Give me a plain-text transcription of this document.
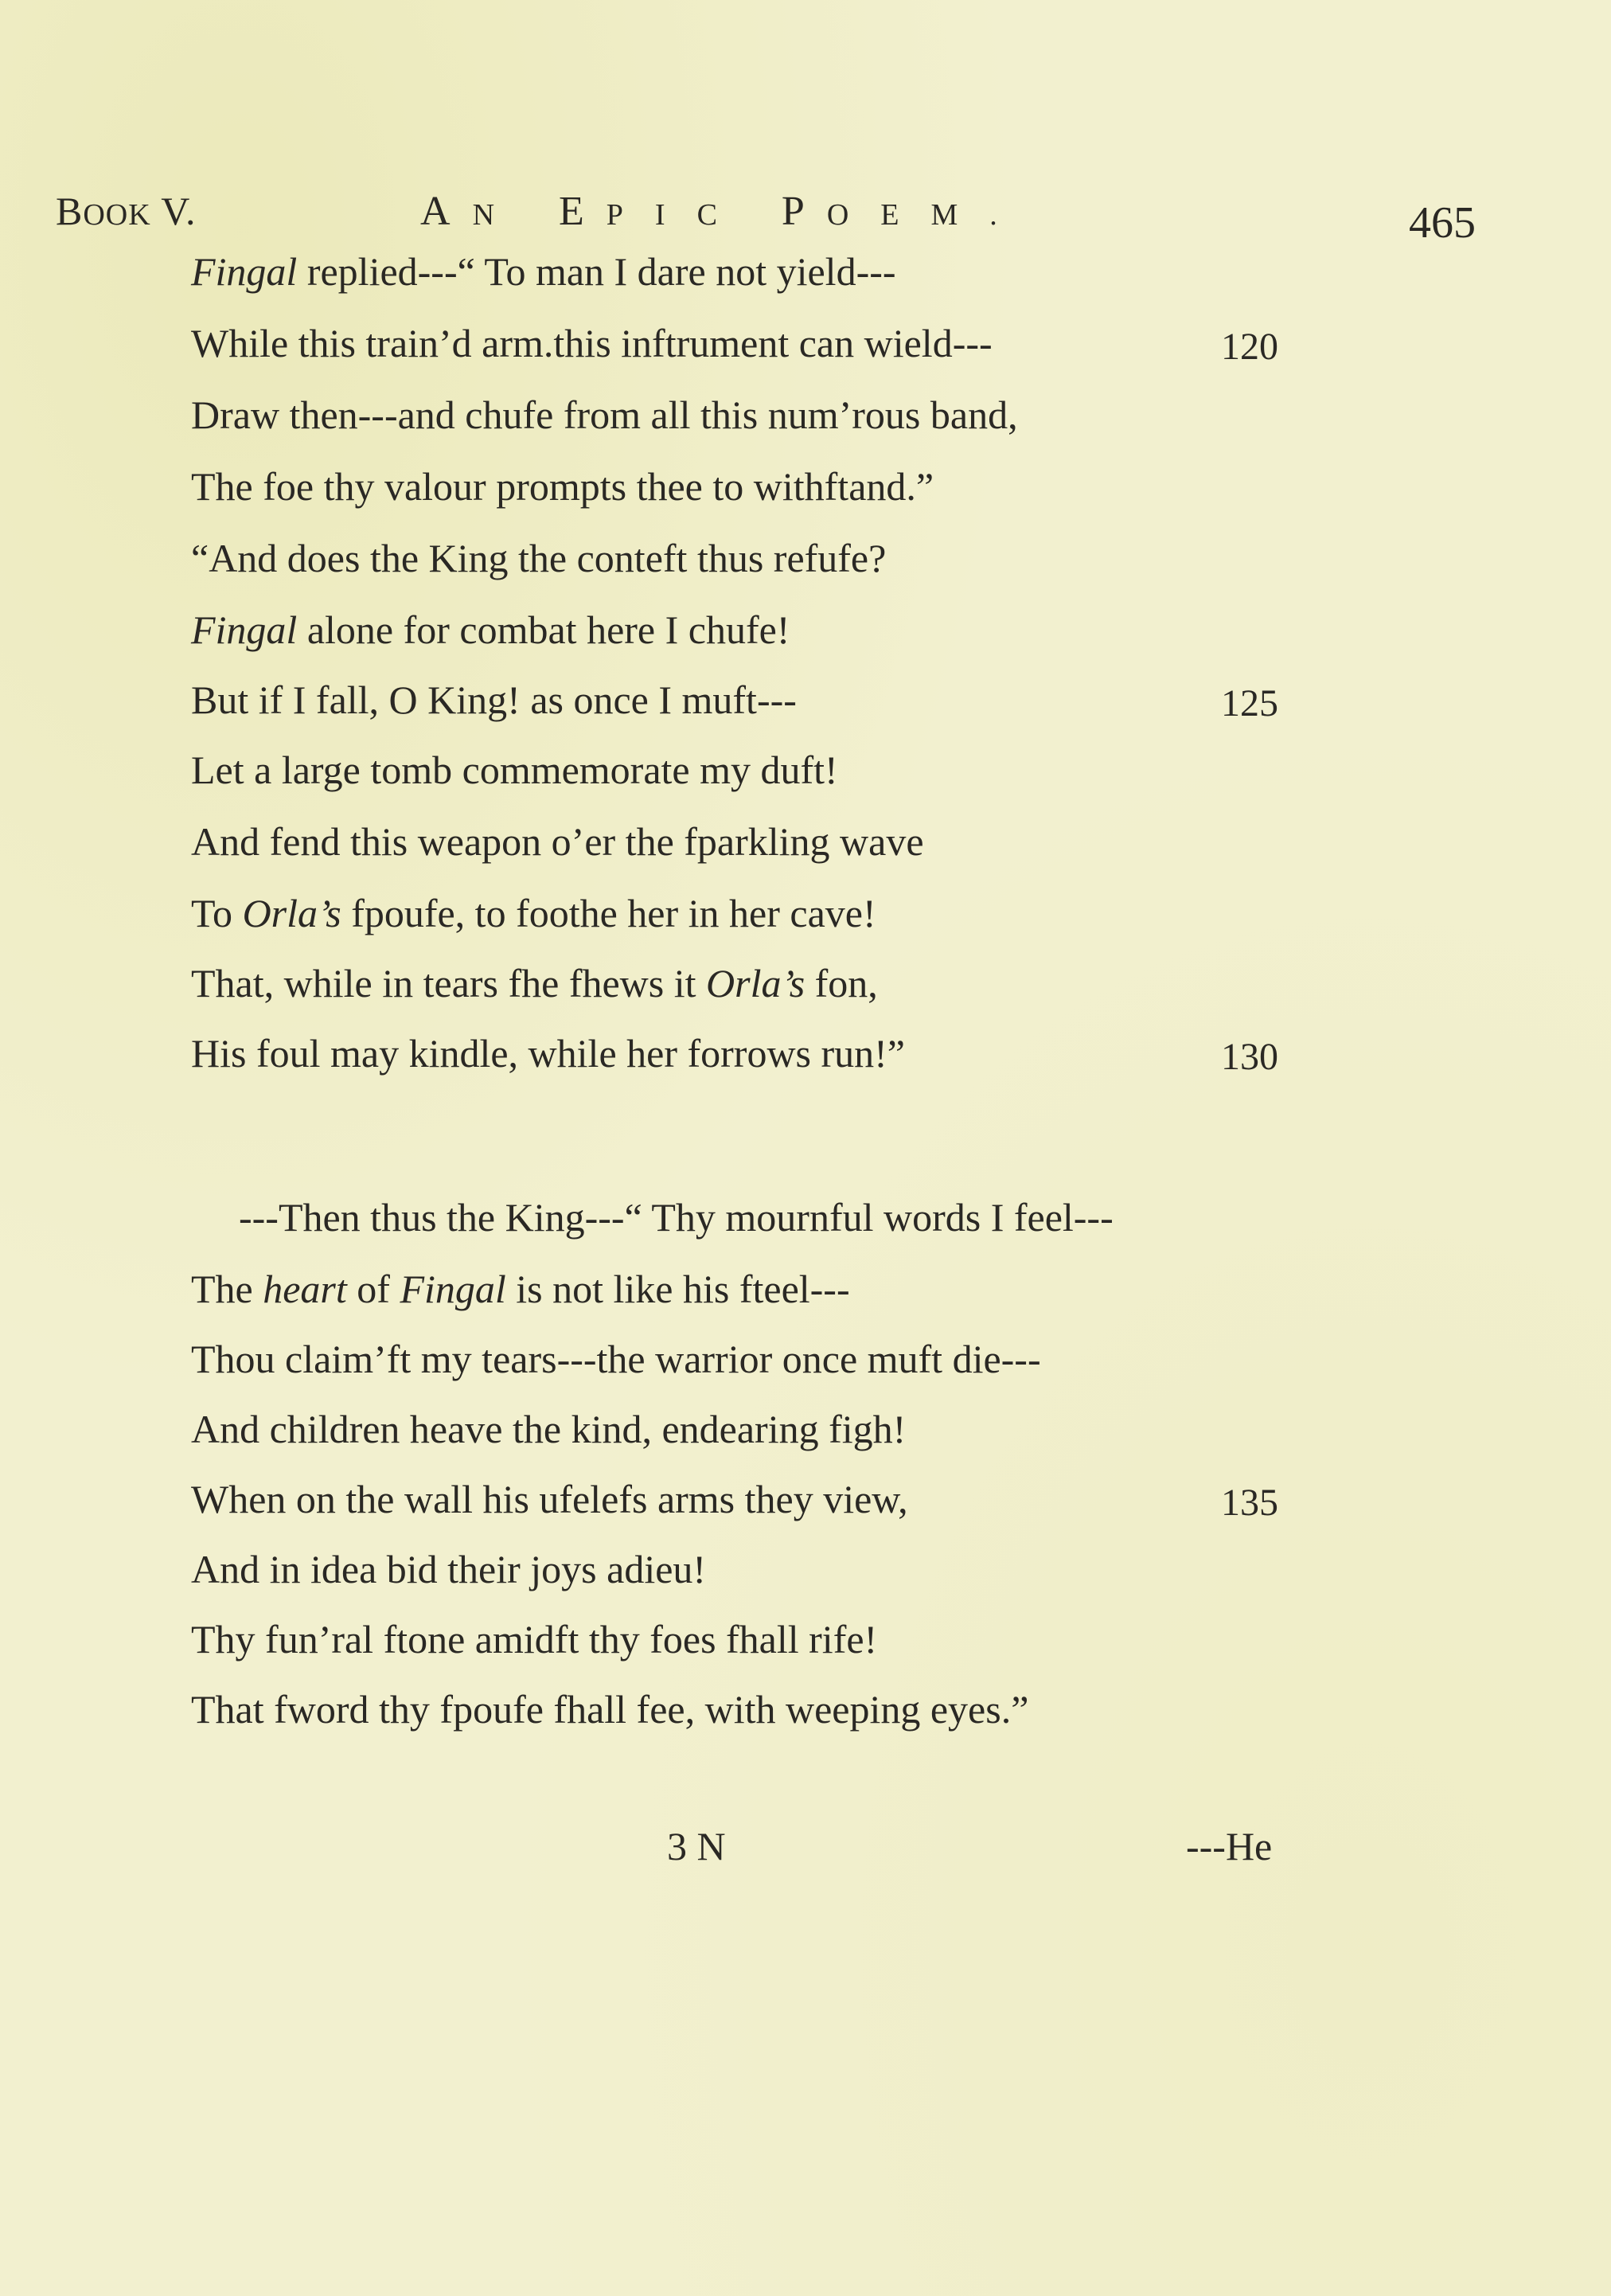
BOOK V.	AN EPIC POEM.	465
Fingal replied---“ To man I dare not yield---
While this train’d arm.this inftrument can wield---	120
Draw then---and chufe from all this num’rous band,
The foe thy valour prompts thee to withftand.”
“And does the King the conteft thus refufe?
Fingal alone for combat here I chufe!
But if I fall, O King! as once I muft---	125
Let a large tomb commemorate my duft!
And fend this weapon o’er the fparkling wave
To Orla’s fpoufe, to foothe her in her cave!
That, while in tears fhe fhews it Orla’s fon,
His foul may kindle, while her forrows run!”	130
---Then thus the King---“ Thy mournful words I feel---
The heart of Fingal is not like his fteel---
Thou claim’ft my tears---the warrior once muft die---
And children heave the kind, endearing figh!
When on the wall his ufelefs arms they view,	135
And in idea bid their joys adieu!
Thy fun’ral ftone amidft thy foes fhall rife!
That fword thy fpoufe fhall fee, with weeping eyes.”
3 N	---He
